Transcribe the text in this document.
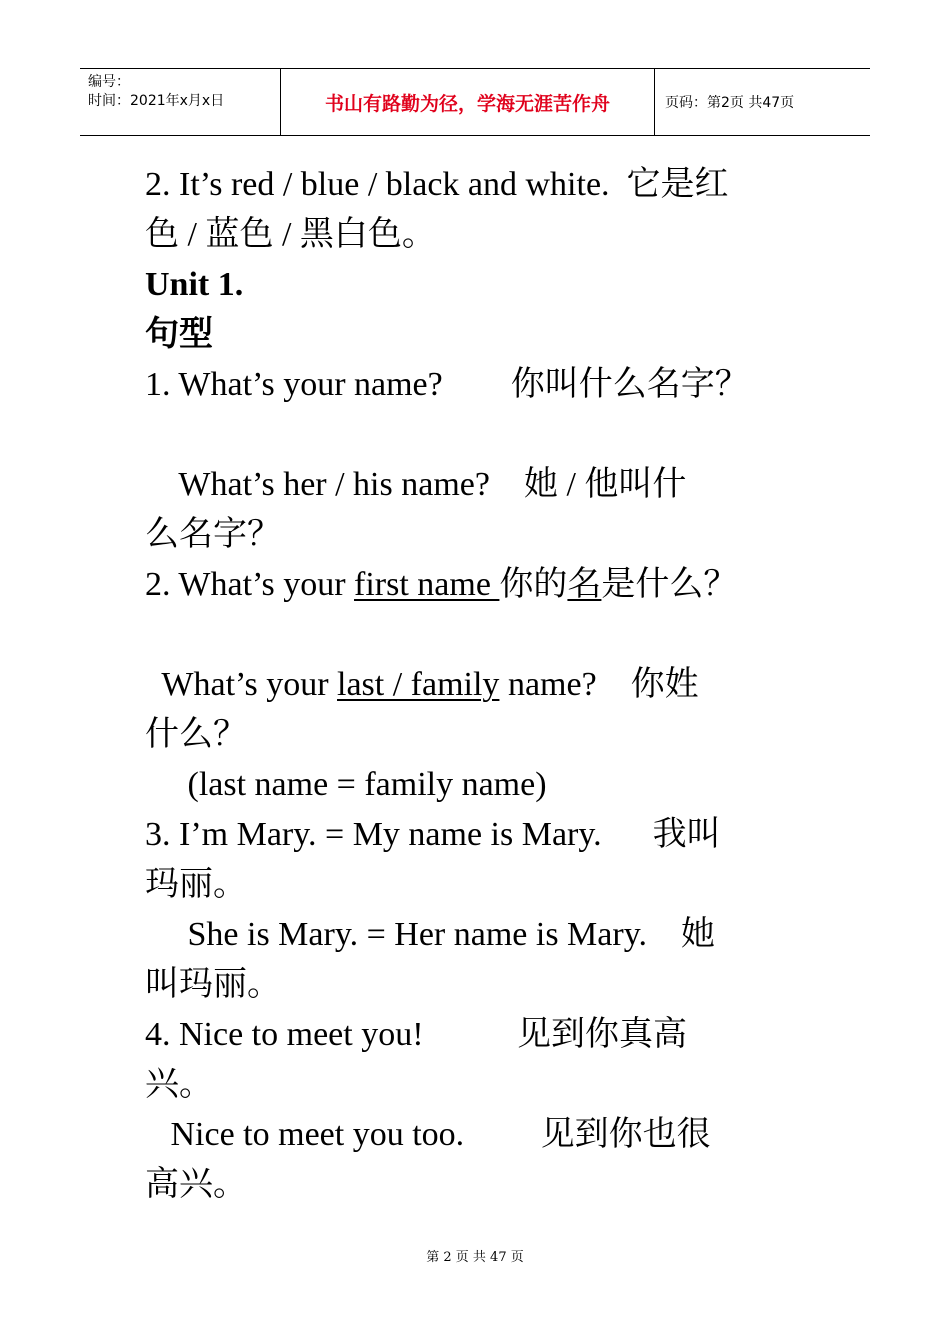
编号：
时间：2021年x月x日	书山有路勤为径，学海无涯苦作舟	页码：第2页 共47页

2. It’s red / blue / black and white.  它是红

色 / 蓝色 / 黑白色。

Unit 1.

句型

1. What’s your name?        你叫什么名字？

What’s her / his name?    她 / 他叫什

么名字？

2. What’s your first name 你的名是什么？

What’s your last / family name?    你姓

什么？

(last name = family name)

3. I’m Mary. = My name is Mary.      我叫

玛丽。

She is Mary. = Her name is Mary.    她

叫玛丽。

4. Nice to meet you!           见到你真高

兴。

Nice to meet you too.         见到你也很

高兴。

第 2 页 共 47 页
